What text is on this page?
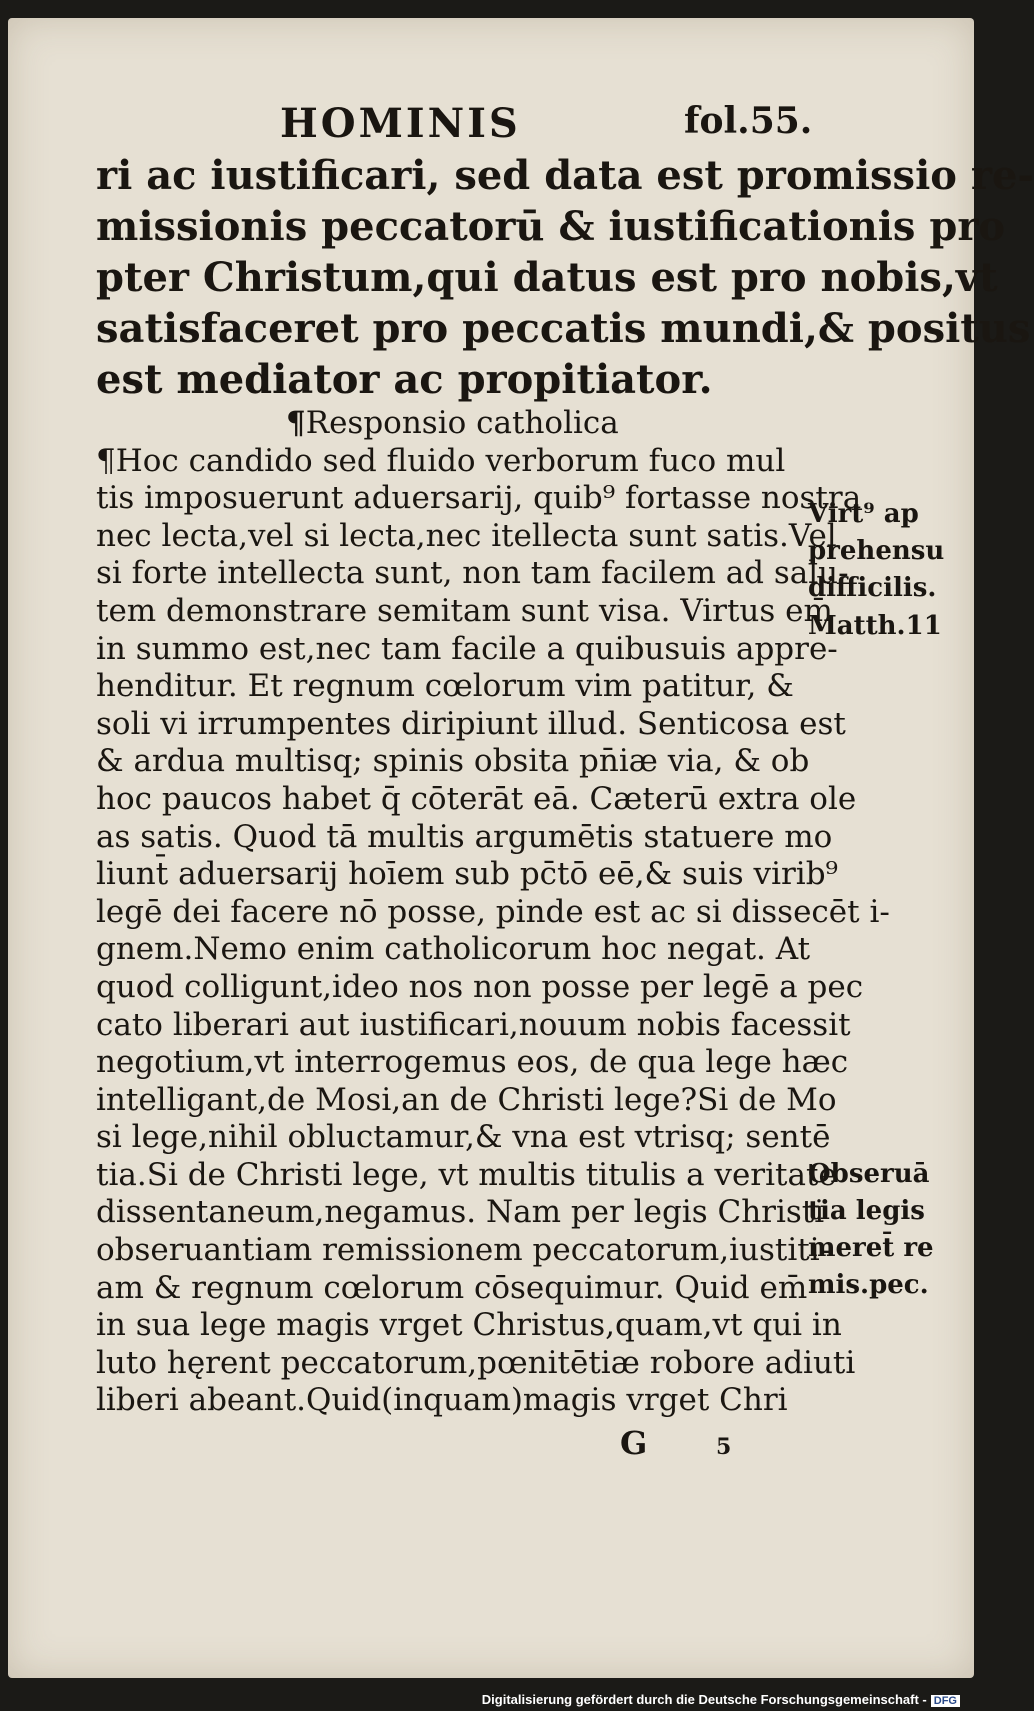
HOMINIS	fol.55.
ri ac iustificari, sed data est promissio re-
missionis peccatorū & iustificationis pro
pter Christum,qui datus est pro nobis,vt
satisfaceret pro peccatis mundi,& positus
est mediator ac propitiator.
¶Responsio catholica
¶Hoc candido sed fluido verborum fuco mul
tis imposuerunt aduersarij, quib⁹ fortasse nostra
nec lecta,vel si lecta,nec itellecta sunt satis.Vel
si forte intellecta sunt, non tam facilem ad salu-
tem demonstrare semitam sunt visa. Virtus em̄
in summo est,nec tam facile a quibusuis appre-
henditur. Et regnum cœlorum vim patitur, &
soli vi irrumpentes diripiunt illud. Senticosa est
& ardua multisq; spinis obsita pn̄iæ via, & ob
hoc paucos habet q̄ cōterāt eā. Cæterū extra ole
as satis. Quod tā multis argumētis statuere mo
liunt̄ aduersarij hoīem sub pc̄tō eē,& suis virib⁹
legē dei facere nō posse, pinde est ac si dissecēt i-
gnem.Nemo enim catholicorum hoc negat. At
quod colligunt,ideo nos non posse per legē a pec
cato liberari aut iustificari,nouum nobis facessit
negotium,vt interrogemus eos, de qua lege hæc
intelligant,de Mosi,an de Christi lege?Si de Mo
si lege,nihil obluctamur,& vna est vtrisq; sentē
tia.Si de Christi lege, vt multis titulis a veritate
dissentaneum,negamus. Nam per legis Christi
obseruantiam remissionem peccatorum,iustiti-
am & regnum cœlorum cōsequimur. Quid em̄
in sua lege magis vrget Christus,quam,vt qui in
luto hęrent peccatorum,pœnitētiæ robore adiuti
liberi abeant.Quid(inquam)magis vrget Chri
Virt⁹ ap
prehensu
difficilis.
Matth.11
Obseruā
tia legis
meret̄ re
mis.pec.
G	5
Digitalisierung gefördert durch die Deutsche Forschungsgemeinschaft - DFG
